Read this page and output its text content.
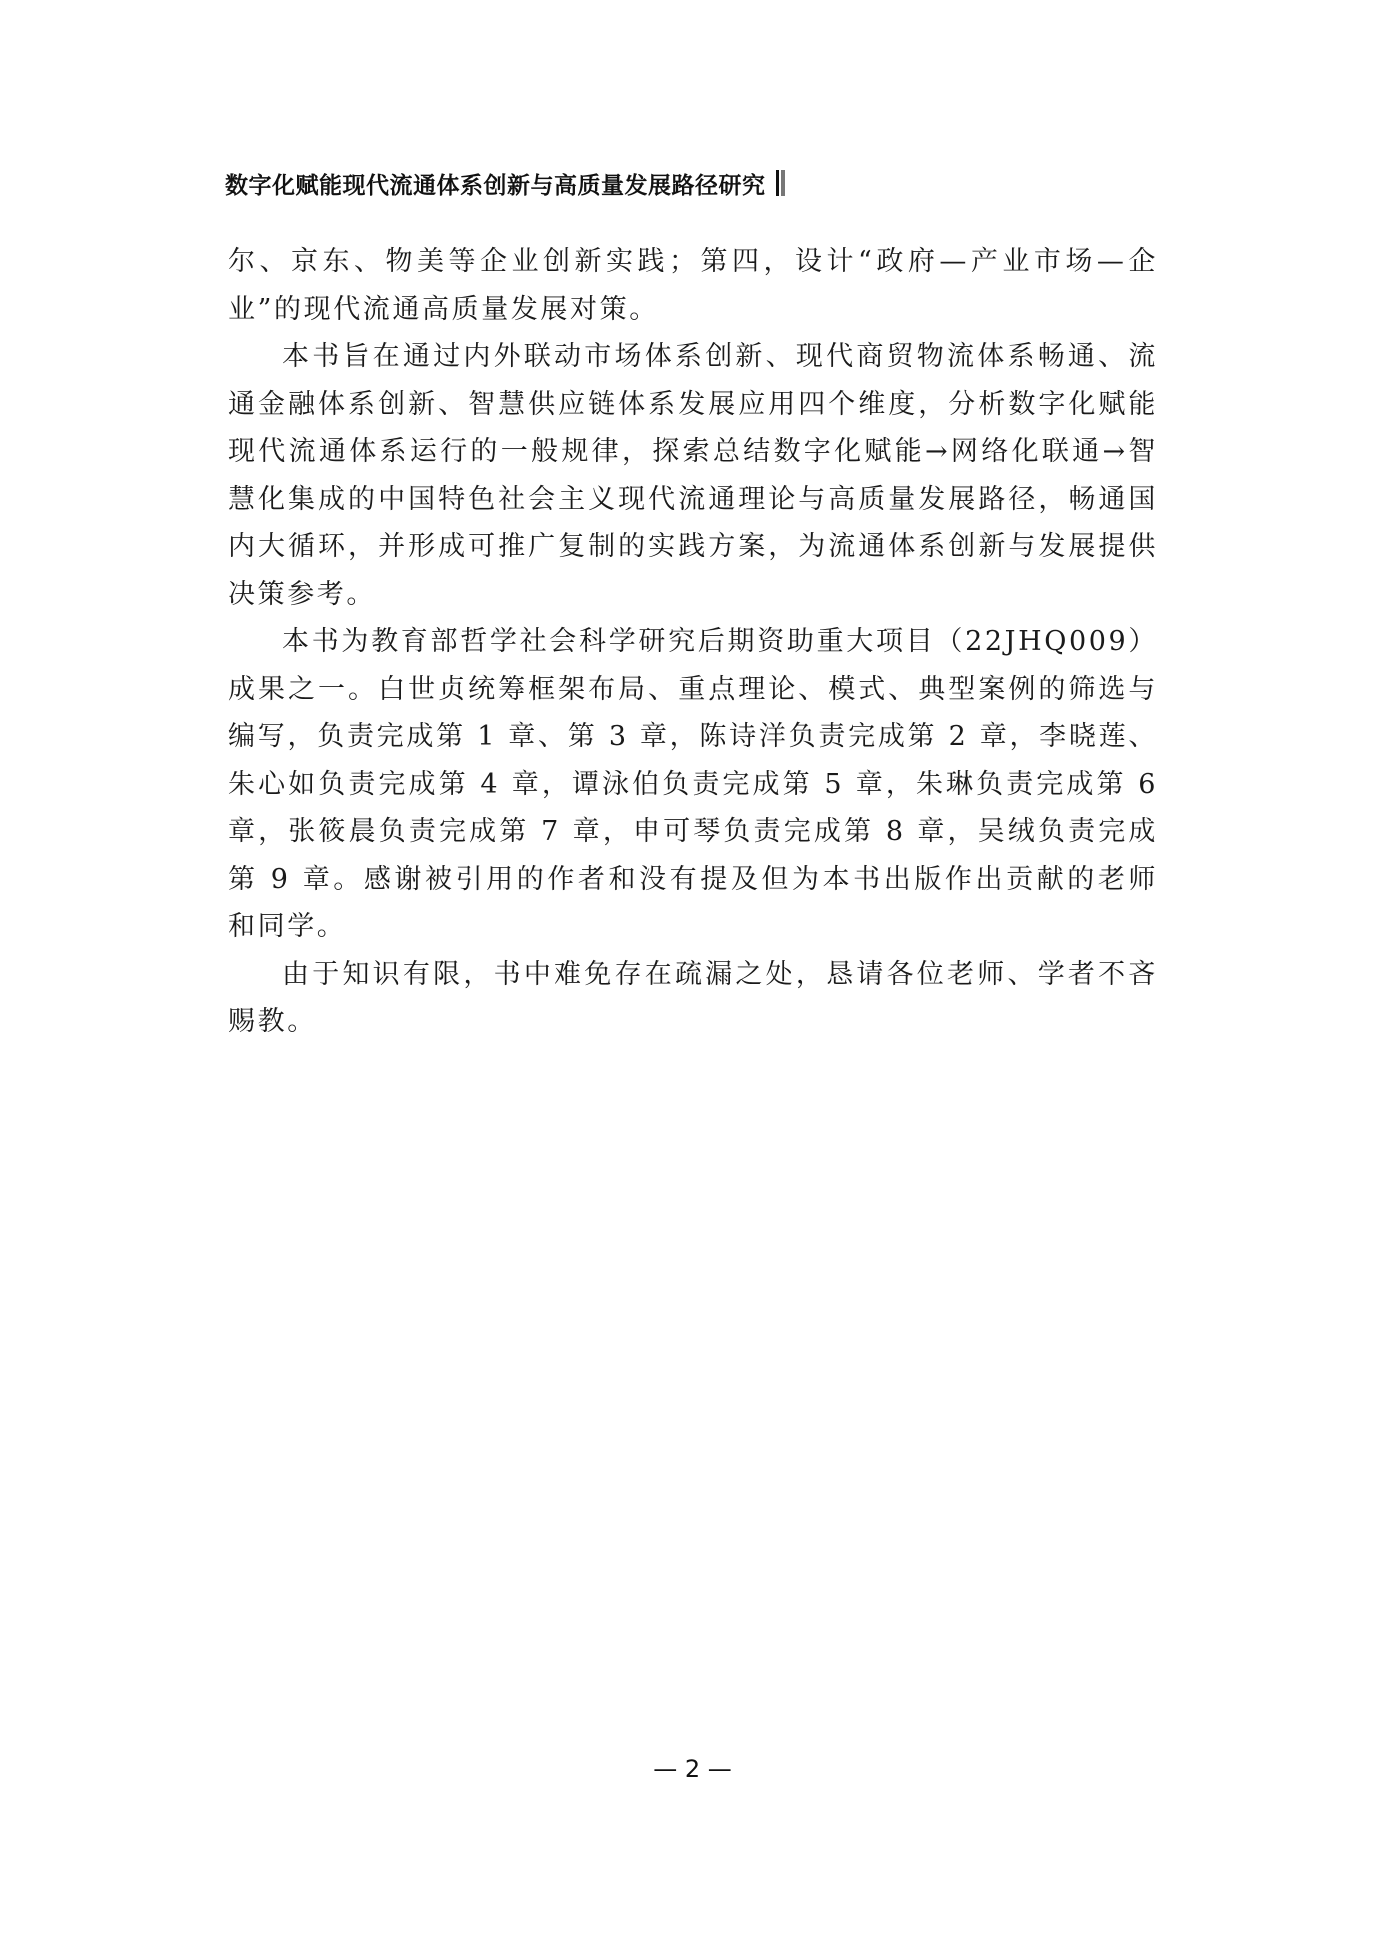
数字化赋能现代流通体系创新与高质量发展路径研究

尔、京东、物美等企业创新实践；第四，设计“政府—产业市场—企业”的现代流通高质量发展对策。

本书旨在通过内外联动市场体系创新、现代商贸物流体系畅通、流通金融体系创新、智慧供应链体系发展应用四个维度，分析数字化赋能现代流通体系运行的一般规律，探索总结数字化赋能→网络化联通→智慧化集成的中国特色社会主义现代流通理论与高质量发展路径，畅通国内大循环，并形成可推广复制的实践方案，为流通体系创新与发展提供决策参考。

本书为教育部哲学社会科学研究后期资助重大项目（22JHQ009）成果之一。白世贞统筹框架布局、重点理论、模式、典型案例的筛选与编写，负责完成第 1 章、第 3 章，陈诗洋负责完成第 2 章，李晓莲、朱心如负责完成第 4 章，谭泳伯负责完成第 5 章，朱琳负责完成第 6 章，张筱晨负责完成第 7 章，申可琴负责完成第 8 章，吴绒负责完成第 9 章。感谢被引用的作者和没有提及但为本书出版作出贡献的老师和同学。

由于知识有限，书中难免存在疏漏之处，恳请各位老师、学者不吝赐教。

— 2 —
